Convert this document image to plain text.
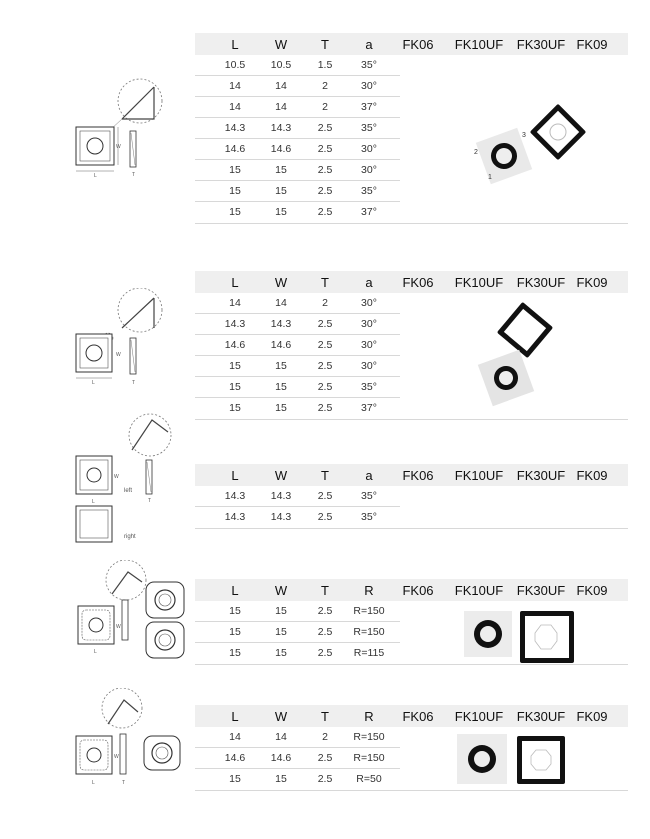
L	W	T	a	FK06	FK10UF	FK30UF FK09
10.5	10.5	1.5	35°
14	14	2	30°
14	14	2	37°
14.3	14.3	2.5	35°
14.6	14.6	2.5	30°
15	15	2.5	30°
15	15	2.5	35°
15	15	2.5	37°
L	W	T	a	FK06	FK10UF	FK30UF FK09
14	14	2	30°
14.3	14.3	2.5	30°
14.6	14.6	2.5	30°
15	15	2.5	30°
15	15	2.5	35°
15	15	2.5	37°
L	W	T	a	FK06	FK10UF	FK30UF FK09
14.3	14.3	2.5	35°
14.3	14.3	2.5	35°
L	W	T	R	FK06	FK10UF	FK30UF FK09
15	15	2.5	R=150
15	15	2.5	R=150
15	15	2.5	R=115
L	W	T	R	FK06	FK10UF	FK30UF FK09
14	14	2	R=150
14.6	14.6	2.5	R=150
15	15	2.5	R=50
L
W
T
L
W
T
W
L
left
T
right
W
L
W
L	T
2
1
3
